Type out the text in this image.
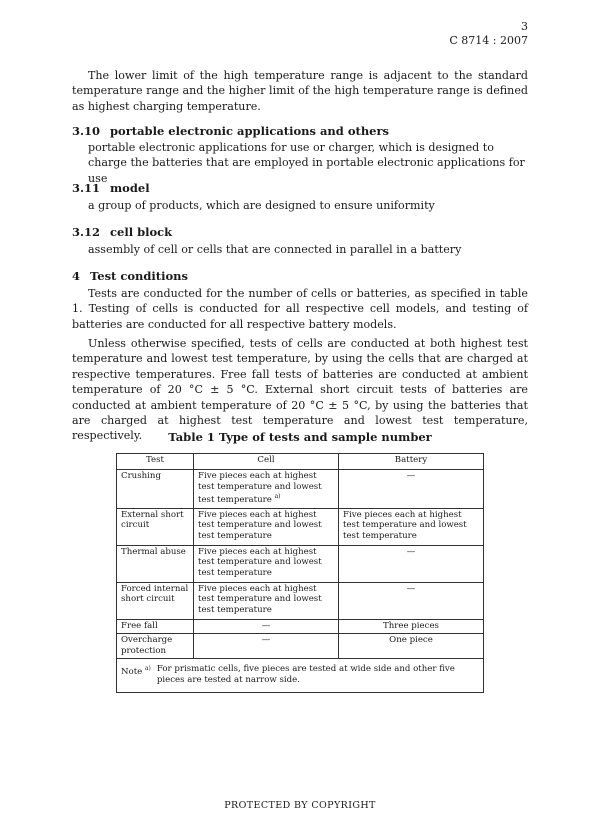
3
C 8714 : 2007
The lower limit of the high temperature range is adjacent to the standard temperature range and the higher limit of the high temperature range is defined as highest charging temperature.
3.10 portable electronic applications and others
portable electronic applications for use or charger, which is designed to charge the batteries that are employed in portable electronic applications for use
3.11 model
a group of products, which are designed to ensure uniformity
3.12 cell block
assembly of cell or cells that are connected in parallel in a battery
4 Test conditions
Tests are conducted for the number of cells or batteries, as specified in table 1. Testing of cells is conducted for all respective cell models, and testing of batteries are conducted for all respective battery models.
Unless otherwise specified, tests of cells are conducted at both highest test temperature and lowest test temperature, by using the cells that are charged at respective temperatures. Free fall tests of batteries are conducted at ambient temperature of 20 °C ± 5 °C. External short circuit tests of batteries are conducted at ambient temperature of 20 °C ± 5 °C, by using the batteries that are charged at highest test temperature and lowest test temperature, respectively.	Table 1 Type of tests and sample number
Test	Cell	Battery
Crushing	Five pieces each at highest test temperature and lowest test temperature $^{a)}$	—
External short circuit	Five pieces each at highest test temperature and lowest test temperature	Five pieces each at highest test temperature and lowest test temperature
Thermal abuse	Five pieces each at highest test temperature and lowest test temperature	—
Forced internal short circuit	Five pieces each at highest test temperature and lowest test temperature	—
Free fall	—	Three pieces
Overcharge protection	—	One piece

Note $^{a)}$ For prismatic cells, five pieces are tested at wide side and other five pieces are tested at narrow side.		
PROTECTED BY COPYRIGHT
